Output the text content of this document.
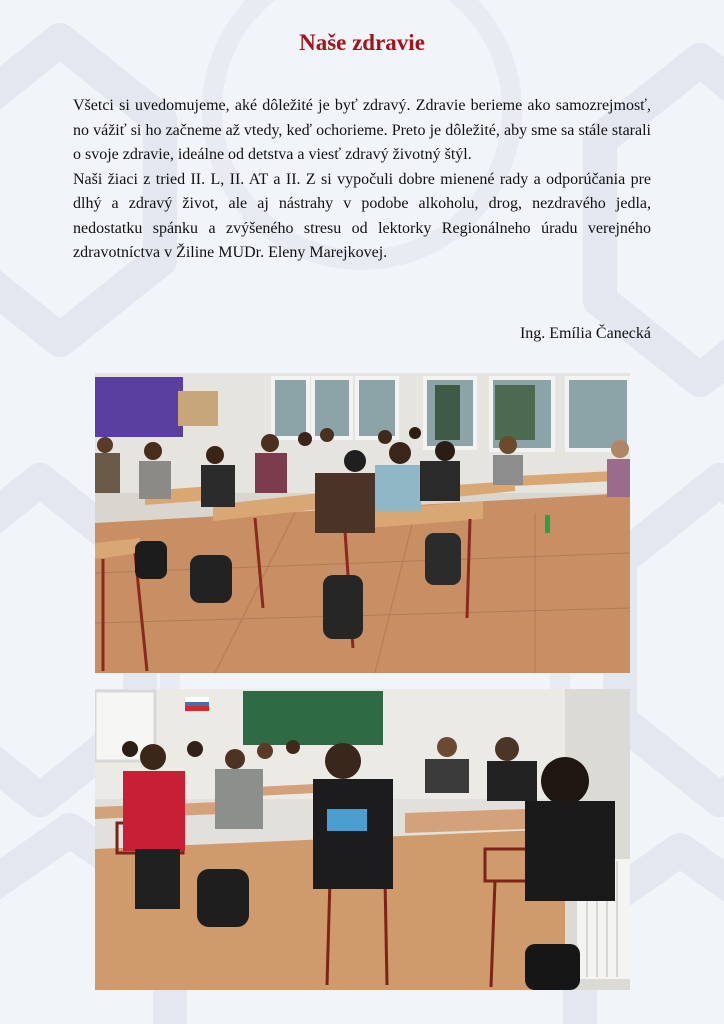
Naše zdravie

Všetci si uvedomujeme, aké dôležité je byť zdravý. Zdravie berieme ako samozrejmosť, no vážiť si ho začneme až vtedy, keď ochorieme. Preto je dôležité, aby sme sa stále starali o svoje zdravie, ideálne od detstva a viesť zdravý životný štýl.

Naši žiaci z tried II. L, II. AT a II. Z si vypočuli dobre mienené rady a odporúčania pre dlhý a zdravý život, ale aj nástrahy v podobe alkoholu, drog, nezdravého jedla, nedostatku spánku a zvýšeného stresu od lektorky Regionálneho úradu verejného zdravotníctva v Žiline MUDr. Eleny Marejkovej.

Ing. Emília Čanecká
